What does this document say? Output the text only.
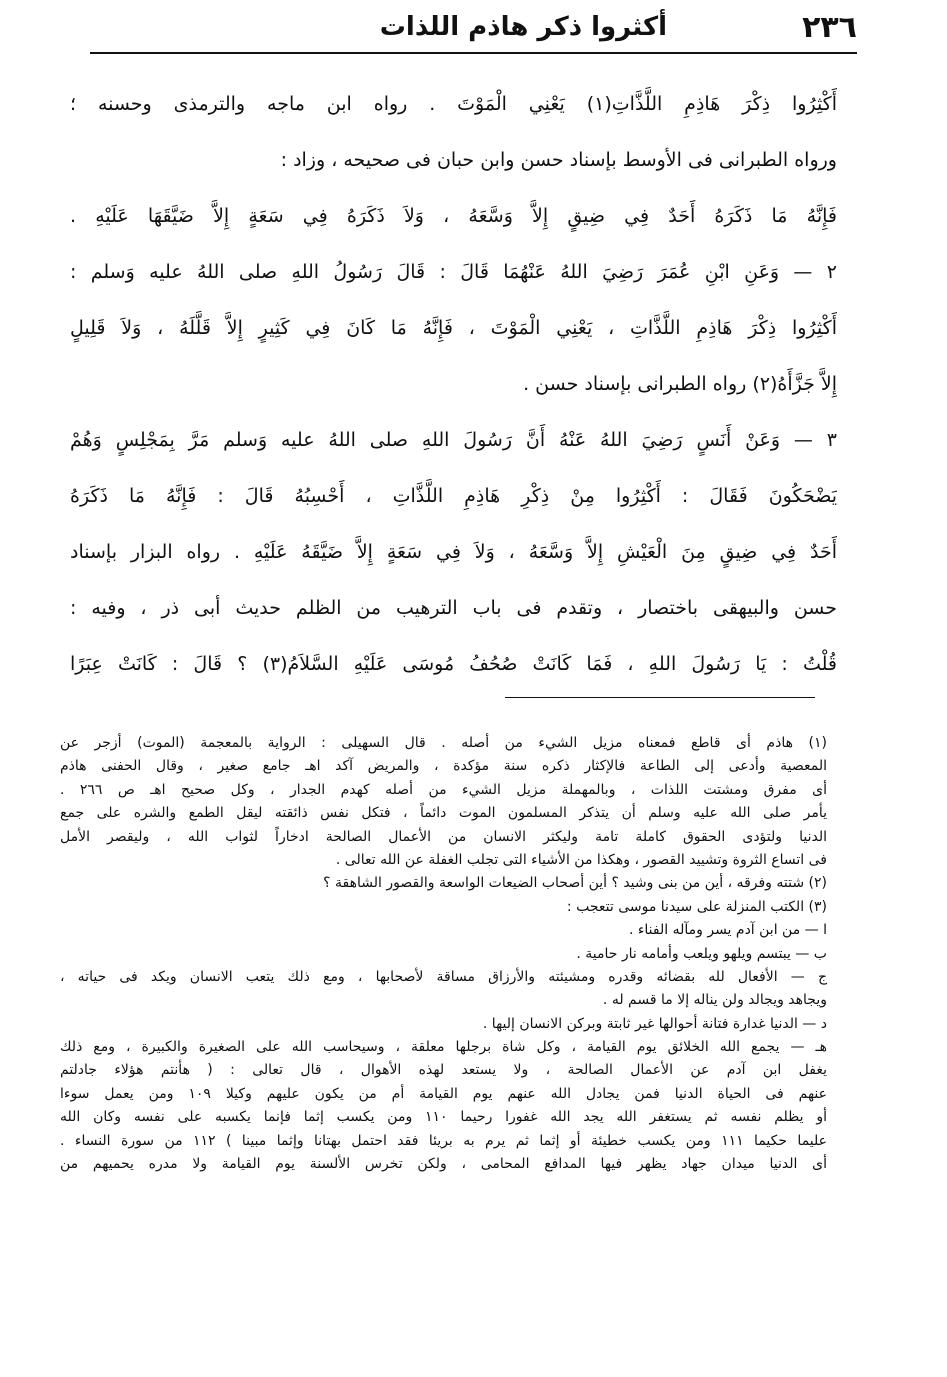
٢٣٦
أكثروا ذكر هاذم اللذات
أَكْثِرُوا ذِكْرَ هَاذِمِ اللَّذَّاتِ(١) يَعْنِي الْمَوْتَ . رواه ابن ماجه والترمذى وحسنه ؛
ورواه الطبرانى فى الأوسط بإسناد حسن وابن حبان فى صحيحه ، وزاد :
فَإِنَّهُ مَا ذَكَرَهُ أَحَدٌ فِي ضِيقٍ إِلاَّ وَسَّعَهُ ، وَلاَ ذَكَرَهُ فِي سَعَةٍ إِلاَّ ضَيَّقَهَا عَلَيْهِ .
٢ — وَعَنِ ابْنِ عُمَرَ رَضِيَ اللهُ عَنْهُمَا قَالَ : قَالَ رَسُولُ اللهِ صلى اللهُ عليه وَسلم :
أَكْثِرُوا ذِكْرَ هَاذِمِ اللَّذَّاتِ ، يَعْنِي الْمَوْتَ ، فَإِنَّهُ مَا كَانَ فِي كَثِيرٍ إِلاَّ قَلَّلَهُ ، وَلاَ قَلِيلٍ
إِلاَّ جَزَّأَهُ(٢) رواه الطبرانى بإسناد حسن .
٣ — وَعَنْ أَنَسٍ رَضِيَ اللهُ عَنْهُ أَنَّ رَسُولَ اللهِ صلى اللهُ عليه وَسلم مَرَّ بِمَجْلِسٍ وَهُمْ
يَضْحَكُونَ فَقَالَ : أَكْثِرُوا مِنْ ذِكْرِ هَاذِمِ اللَّذَّاتِ ، أَحْسِبُهُ قَالَ : فَإِنَّهُ مَا ذَكَرَهُ
أَحَدٌ فِي ضِيقٍ مِنَ الْعَيْشِ إِلاَّ وَسَّعَهُ ، وَلاَ فِي سَعَةٍ إِلاَّ ضَيَّقَهُ عَلَيْهِ . رواه البزار بإسناد
حسن والبيهقى باختصار ، وتقدم فى باب الترهيب من الظلم حديث أبى ذر ، وفيه :
قُلْتُ : يَا رَسُولَ اللهِ ، فَمَا كَانَتْ صُحُفُ مُوسَى عَلَيْهِ السَّلاَمُ(٣) ؟ قَالَ : كَانَتْ عِبَرًا
(١) هاذم أى قاطع فمعناه مزيل الشيء من أصله . قال السهيلى : الرواية بالمعجمة (الموت) أزجر عن
المعصية وأدعى إلى الطاعة فالإكثار ذكره سنة مؤكدة ، والمريض آكد اهـ جامع صغير ، وقال الحفنى هاذم
أى مفرق ومشتت اللذات ، وبالمهملة مزيل الشيء من أصله كهدم الجدار ، وكل صحيح اهـ ص ٢٦٦ .
يأمر صلى الله عليه وسلم أن يتذكر المسلمون الموت دائماً ، فتكل نفس ذائقته ليقل الطمع والشره على جمع
الدنيا ولتؤدى الحقوق كاملة تامة وليكثر الانسان من الأعمال الصالحة ادخاراً لثواب الله ، وليقصر الأمل
فى اتساع الثروة وتشييد القصور ، وهكذا من الأشياء التى تجلب الغفلة عن الله تعالى .
(٢) شتته وفرقه ، أين من بنى وشيد ؟ أين أصحاب الضيعات الواسعة والقصور الشاهقة ؟
(٣) الكتب المنزلة على سيدنا موسى تتعجب :
ا — من ابن آدم يسر ومآله الفناء .
ب — يبتسم ويلهو ويلعب وأمامه نار حامية .
ج — الأفعال لله بقضائه وقدره ومشيئته والأرزاق مساقة لأصحابها ، ومع ذلك يتعب الانسان ويكد فى حياته ،
ويجاهد ويجالد ولن يناله إلا ما قسم له .
د — الدنيا غدارة فتانة أحوالها غير ثابتة وبركن الانسان إليها .
هـ — يجمع الله الخلائق يوم القيامة ، وكل شاة برجلها معلقة ، وسيحاسب الله على الصغيرة والكبيرة ، ومع ذلك
يغفل ابن آدم عن الأعمال الصالحة ، ولا يستعد لهذه الأهوال ، قال تعالى : ( هأنتم هؤلاء جادلتم
عنهم فى الحياة الدنيا فمن يجادل الله عنهم يوم القيامة أم من يكون عليهم وكيلا ١٠٩ ومن يعمل سوءا
أو يظلم نفسه ثم يستغفر الله يجد الله غفورا رحيما ١١٠ ومن يكسب إثما فإنما يكسبه على نفسه وكان الله
عليما حكيما ١١١ ومن يكسب خطيئة أو إثما ثم يرم به بريئا فقد احتمل بهتانا وإثما مبينا ) ١١٢ من سورة النساء .
أى الدنيا ميدان جهاد يظهر فيها المدافع المحامى ، ولكن تخرس الألسنة يوم القيامة ولا مدره يحميهم من
